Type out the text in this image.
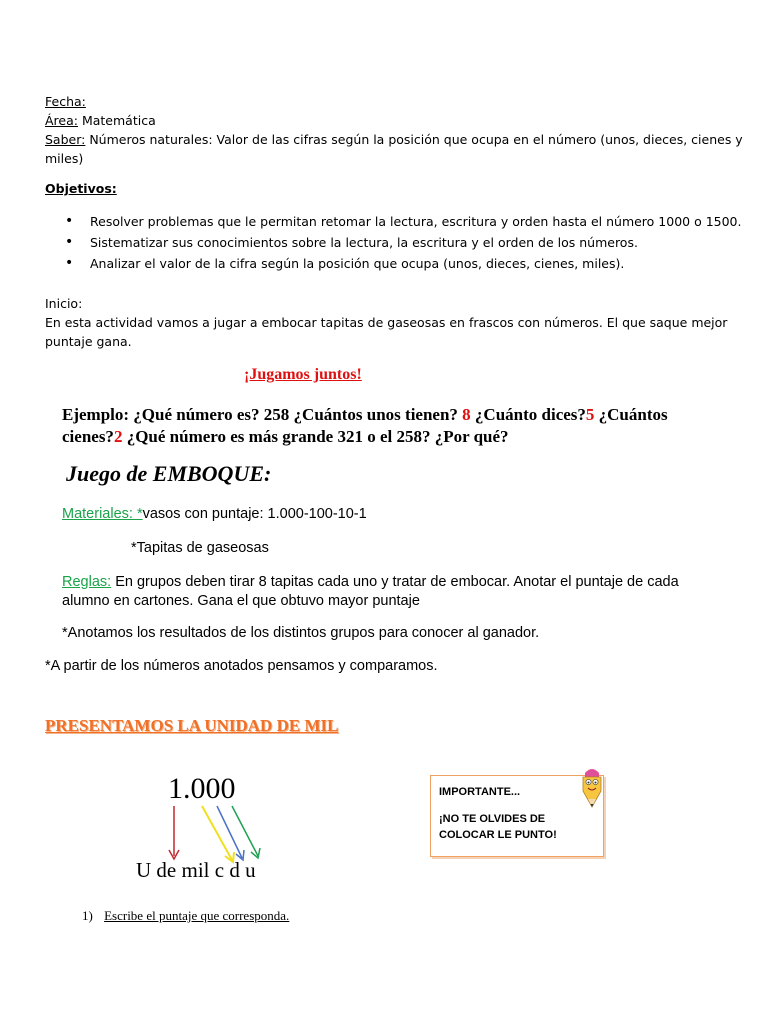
Fecha:
Área: Matemática
Saber: Números naturales: Valor de las cifras según la posición que ocupa en el número (unos, dieces, cienes y
miles)
Objetivos:
• Resolver problemas que le permitan retomar la lectura, escritura y orden hasta el número 1000 o 1500.
• Sistematizar sus conocimientos sobre la lectura, la escritura y el orden de los números.
• Analizar el valor de la cifra según la posición que ocupa (unos, dieces, cienes, miles).
Inicio:
En esta actividad vamos a jugar a embocar tapitas de gaseosas en frascos con números. El que saque mejor
puntaje gana.
¡Jugamos juntos!
Ejemplo: ¿Qué número es? 258 ¿Cuántos unos tienen? 8 ¿Cuánto dices?5 ¿Cuántos
cienes?2 ¿Qué número es más grande 321 o el 258? ¿Por qué?
Juego de EMBOQUE:
Materiales: *vasos con puntaje: 1.000-100-10-1
*Tapitas de gaseosas
Reglas: En grupos deben tirar 8 tapitas cada uno y tratar de embocar. Anotar el puntaje de cada
alumno en cartones. Gana el que obtuvo mayor puntaje
*Anotamos los resultados de los distintos grupos para conocer al ganador.
*A partir de los números anotados pensamos y comparamos.
PRESENTAMOS LA UNIDAD DE MIL
1.000
U de mil c d u
IMPORTANTE...
¡NO TE OLVIDES DE
COLOCAR LE PUNTO!
1) Escribe el puntaje que corresponda.
